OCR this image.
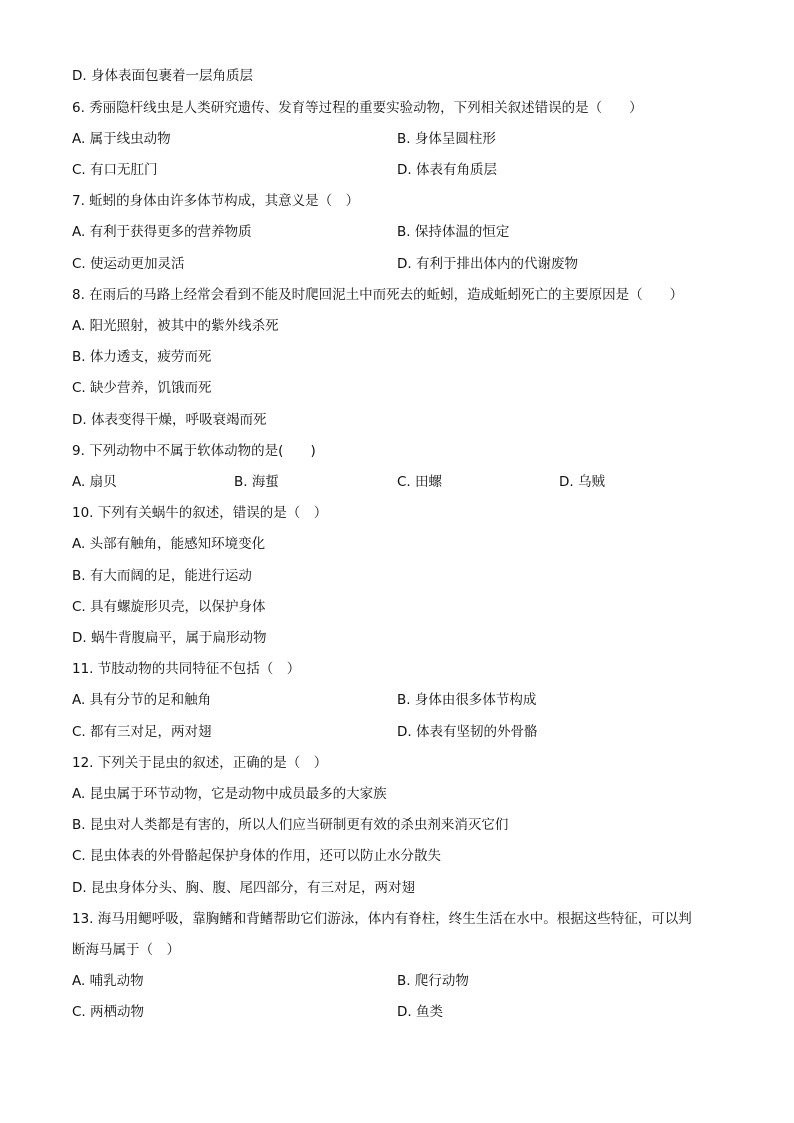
D. 身体表面包裹着一层角质层
6. 秀丽隐杆线虫是人类研究遗传、发育等过程的重要实验动物，下列相关叙述错误的是（　　）
A. 属于线虫动物	B. 身体呈圆柱形
C. 有口无肛门	D. 体表有角质层
7. 蚯蚓的身体由许多体节构成，其意义是（　）
A. 有利于获得更多的营养物质	B. 保持体温的恒定
C. 使运动更加灵活	D. 有利于排出体内的代谢废物
8. 在雨后的马路上经常会看到不能及时爬回泥土中而死去的蚯蚓，造成蚯蚓死亡的主要原因是（　　）
A. 阳光照射，被其中的紫外线杀死
B. 体力透支，疲劳而死
C. 缺少营养，饥饿而死
D. 体表变得干燥，呼吸衰竭而死
9. 下列动物中不属于软体动物的是(　　)
A. 扇贝	B. 海蜇	C. 田螺	D. 乌贼
10. 下列有关蜗牛的叙述，错误的是（　）
A. 头部有触角，能感知环境变化
B. 有大而阔的足，能进行运动
C. 具有螺旋形贝壳，以保护身体
D. 蜗牛背腹扁平，属于扁形动物
11. 节肢动物的共同特征不包括（　）
A. 具有分节的足和触角	B. 身体由很多体节构成
C. 都有三对足，两对翅	D. 体表有坚韧的外骨骼
12. 下列关于昆虫的叙述，正确的是（　）
A. 昆虫属于环节动物，它是动物中成员最多的大家族
B. 昆虫对人类都是有害的，所以人们应当研制更有效的杀虫剂来消灭它们
C. 昆虫体表的外骨骼起保护身体的作用，还可以防止水分散失
D. 昆虫身体分头、胸、腹、尾四部分，有三对足，两对翅
13. 海马用鳃呼吸，靠胸鳍和背鳍帮助它们游泳，体内有脊柱，终生生活在水中。根据这些特征，可以判
断海马属于（　）
A. 哺乳动物	B. 爬行动物
C. 两栖动物	D. 鱼类
